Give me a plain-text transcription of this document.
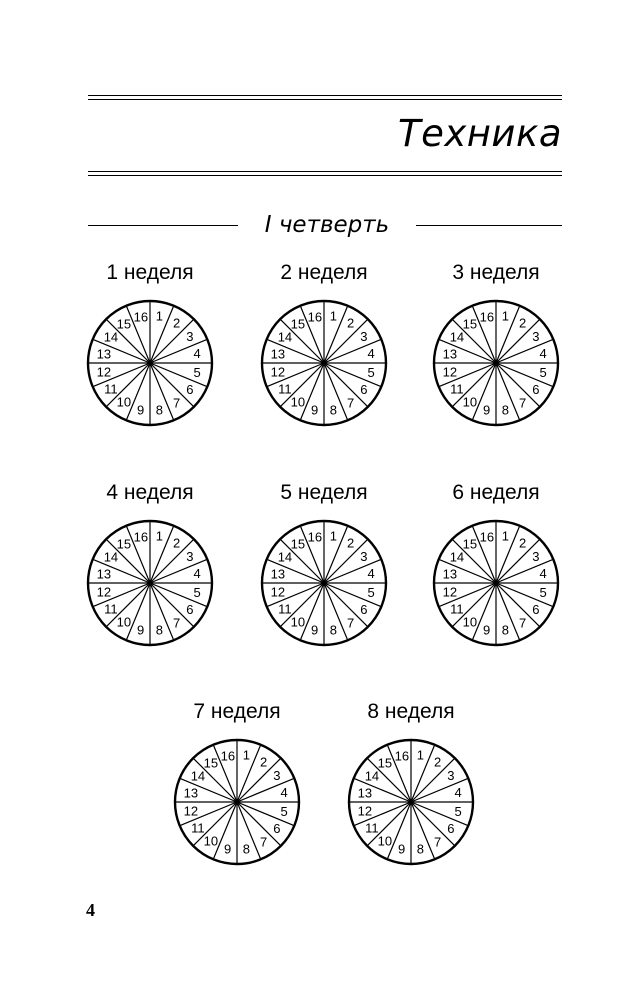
Техника
I четверть
1 неделя
1 2
3
4
5
6
7
8
9
10
11
12
13
14
15 16
2 неделя
1 2
3
4
5
6
7
8
9
10
11
12
13
14
15 16
3 неделя
1 2
3
4
5
6
7
8
9
10
11
12
13
14
15 16
4 неделя
1 2
3
4
5
6
7
8
9
10
11
12
13
14
15 16
5 неделя
1 2
3
4
5
6
7
8
9
10
11
12
13
14
15 16
6 неделя
1 2
3
4
5
6
7
8
9
10
11
12
13
14
15 16
7 неделя
1 2
3
4
5
6
7
8
9
10
11
12
13
14
15 16
8 неделя
1 2
3
4
5
6
7
8
9
10
11
12
13
14
15 16
4
